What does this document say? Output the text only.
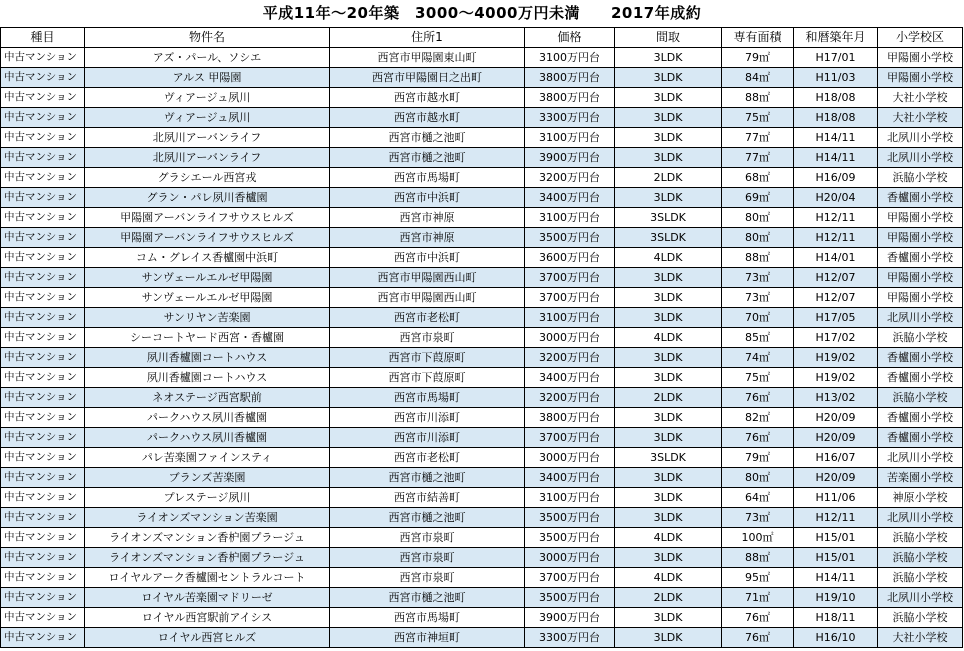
平成11年～20年築　3000～4000万円未満　　2017年成約
種目	物件名	住所1	価格	間取	専有面積	和暦築年月	小学校区
中古マンション	アズ・パール、ソシエ	西宮市甲陽園東山町	3100万円台	3LDK	79㎡	H17/01	甲陽園小学校
中古マンション	アルス 甲陽園	西宮市甲陽園日之出町	3800万円台	3LDK	84㎡	H11/03	甲陽園小学校
中古マンション	ヴィアージュ夙川	西宮市越水町	3800万円台	3LDK	88㎡	H18/08	大社小学校
中古マンション	ヴィアージュ夙川	西宮市越水町	3300万円台	3LDK	75㎡	H18/08	大社小学校
中古マンション	北夙川アーバンライフ	西宮市樋之池町	3100万円台	3LDK	77㎡	H14/11	北夙川小学校
中古マンション	北夙川アーバンライフ	西宮市樋之池町	3900万円台	3LDK	77㎡	H14/11	北夙川小学校
中古マンション	グラシエール西宮戎	西宮市馬場町	3200万円台	2LDK	68㎡	H16/09	浜脇小学校
中古マンション	グラン・パレ夙川香櫨園	西宮市中浜町	3400万円台	3LDK	69㎡	H20/04	香櫨園小学校
中古マンション	甲陽園アーバンライフサウスヒルズ	西宮市神原	3100万円台	3SLDK	80㎡	H12/11	甲陽園小学校
中古マンション	甲陽園アーバンライフサウスヒルズ	西宮市神原	3500万円台	3SLDK	80㎡	H12/11	甲陽園小学校
中古マンション	コム・グレイス香櫨園中浜町	西宮市中浜町	3600万円台	4LDK	88㎡	H14/01	香櫨園小学校
中古マンション	サンヴェールエルゼ甲陽園	西宮市甲陽園西山町	3700万円台	3LDK	73㎡	H12/07	甲陽園小学校
中古マンション	サンヴェールエルゼ甲陽園	西宮市甲陽園西山町	3700万円台	3LDK	73㎡	H12/07	甲陽園小学校
中古マンション	サンリヤン苦楽園	西宮市老松町	3100万円台	3LDK	70㎡	H17/05	北夙川小学校
中古マンション	シーコートヤード西宮・香櫨園	西宮市泉町	3000万円台	4LDK	85㎡	H17/02	浜脇小学校
中古マンション	夙川香櫨園コートハウス	西宮市下葭原町	3200万円台	3LDK	74㎡	H19/02	香櫨園小学校
中古マンション	夙川香櫨園コートハウス	西宮市下葭原町	3400万円台	3LDK	75㎡	H19/02	香櫨園小学校
中古マンション	ネオステージ西宮駅前	西宮市馬場町	3200万円台	2LDK	76㎡	H13/02	浜脇小学校
中古マンション	パークハウス夙川香櫨園	西宮市川添町	3800万円台	3LDK	82㎡	H20/09	香櫨園小学校
中古マンション	パークハウス夙川香櫨園	西宮市川添町	3700万円台	3LDK	76㎡	H20/09	香櫨園小学校
中古マンション	パレ苦楽園ファインスティ	西宮市老松町	3000万円台	3SLDK	79㎡	H16/07	北夙川小学校
中古マンション	ブランズ苦楽園	西宮市樋之池町	3400万円台	3LDK	80㎡	H20/09	苦楽園小学校
中古マンション	プレステージ夙川	西宮市結善町	3100万円台	3LDK	64㎡	H11/06	神原小学校
中古マンション	ライオンズマンション苦楽園	西宮市樋之池町	3500万円台	3LDK	73㎡	H12/11	北夙川小学校
中古マンション	ライオンズマンション香枦園プラージュ	西宮市泉町	3500万円台	4LDK	100㎡	H15/01	浜脇小学校
中古マンション	ライオンズマンション香枦園プラージュ	西宮市泉町	3000万円台	3LDK	88㎡	H15/01	浜脇小学校
中古マンション	ロイヤルアーク香櫨園セントラルコート	西宮市泉町	3700万円台	4LDK	95㎡	H14/11	浜脇小学校
中古マンション	ロイヤル苦楽園マドリーゼ	西宮市樋之池町	3500万円台	2LDK	71㎡	H19/10	北夙川小学校
中古マンション	ロイヤル西宮駅前アイシス	西宮市馬場町	3900万円台	3LDK	76㎡	H18/11	浜脇小学校
中古マンション	ロイヤル西宮ヒルズ	西宮市神垣町	3300万円台	3LDK	76㎡	H16/10	大社小学校
